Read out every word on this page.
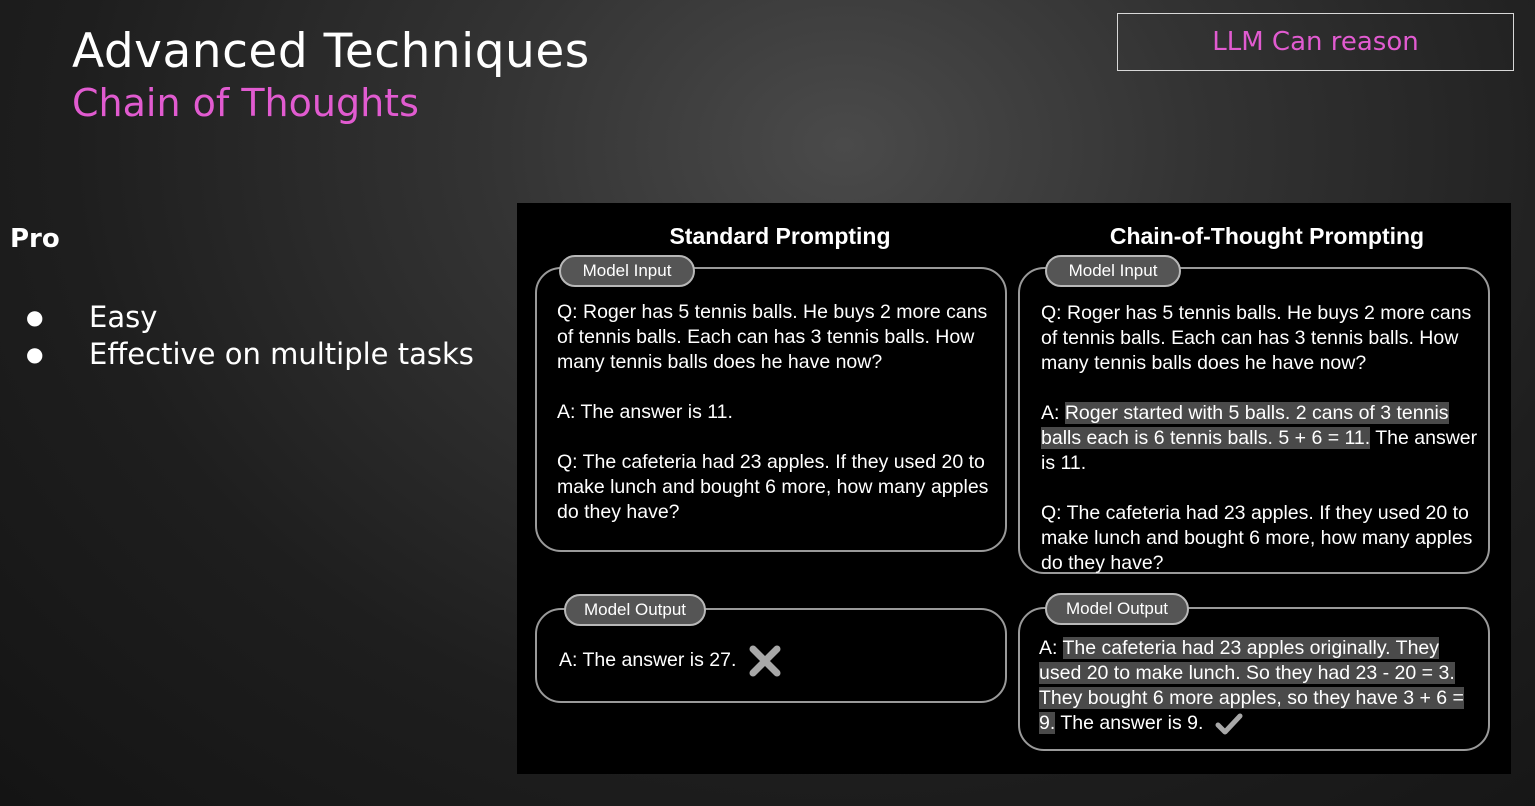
Advanced Techniques
Chain of Thoughts
LLM Can reason
Pro
●	Easy
●	Effective on multiple tasks
Standard Prompting
Model Input

Q: Roger has 5 tennis balls. He buys 2 more cans of tennis balls. Each can has 3 tennis balls. How many tennis balls does he have now?

A: The answer is 11.

Q: The cafeteria had 23 apples. If they used 20 to make lunch and bought 6 more, how many apples do they have?

Model Output
A: The answer is 27.
Chain-of-Thought Prompting
Model Input

Q: Roger has 5 tennis balls. He buys 2 more cans of tennis balls. Each can has 3 tennis balls. How many tennis balls does he have now?

A: Roger started with 5 balls. 2 cans of 3 tennis balls each is 6 tennis balls. 5 + 6 = 11. The answer is 11.

Q: The cafeteria had 23 apples. If they used 20 to make lunch and bought 6 more, how many apples do they have?

Model Output
A: The cafeteria had 23 apples originally. They used 20 to make lunch. So they had 23 - 20 = 3. They bought 6 more apples, so they have 3 + 6 = 9. The answer is 9.
